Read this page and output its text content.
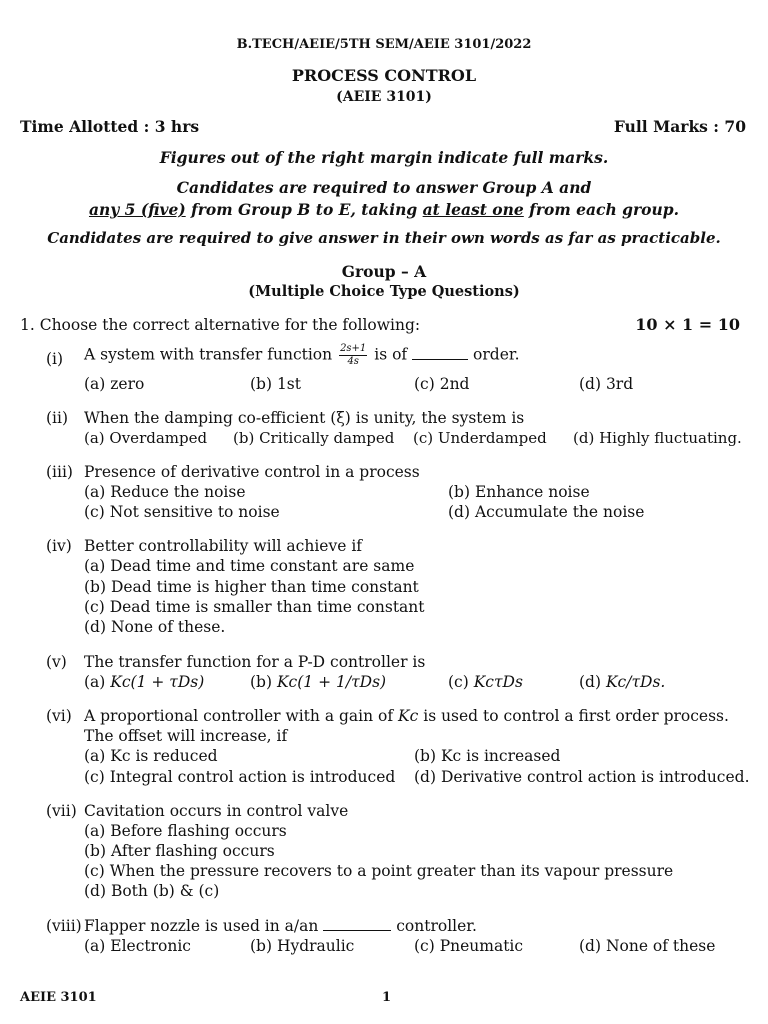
B.TECH/AEIE/5TH SEM/AEIE 3101/2022
PROCESS CONTROL
(AEIE 3101)
Time Allotted : 3 hrs	Full Marks : 70
Figures out of the right margin indicate full marks.
Candidates are required to answer Group A and
any 5 (five) from Group B to E, taking at least one from each group.
Candidates are required to give answer in their own words as far as practicable.
Group – A
(Multiple Choice Type Questions)
1. Choose the correct alternative for the following:	10 × 1 = 10
(i) A system with transfer function $\frac{2s+1}{4s}$ is of	order.
(a) zero	(b) 1st	(c) 2nd	(d) 3rd
(ii) When the damping co-efficient (ξ) is unity, the system is
(a) Overdamped (b) Critically damped (c) Underdamped (d) Highly fluctuating.
(iii) Presence of derivative control in a process
(a) Reduce the noise	(b) Enhance noise
(c) Not sensitive to noise	(d) Accumulate the noise
(iv) Better controllability will achieve if
(a) Dead time and time constant are same
(b) Dead time is higher than time constant
(c) Dead time is smaller than time constant
(d) None of these.
(v) The transfer function for a P-D controller is
(a) Kc(1 + τDs)	(b) Kc(1 + 1/τDs)	(c) KcτDs	(d) Kc/τDs.
(vi) A proportional controller with a gain of Kc is used to control a first order process.
The offset will increase, if
(a) Kc is reduced	(b) Kc is increased
(c) Integral control action is introduced (d) Derivative control action is introduced.
(vii) Cavitation occurs in control valve
(a) Before flashing occurs
(b) After flashing occurs
(c) When the pressure recovers to a point greater than its vapour pressure
(d) Both (b) & (c)
(viii) Flapper nozzle is used in a/an	controller.
(a) Electronic	(b) Hydraulic	(c) Pneumatic	(d) None of these
AEIE 3101	1
